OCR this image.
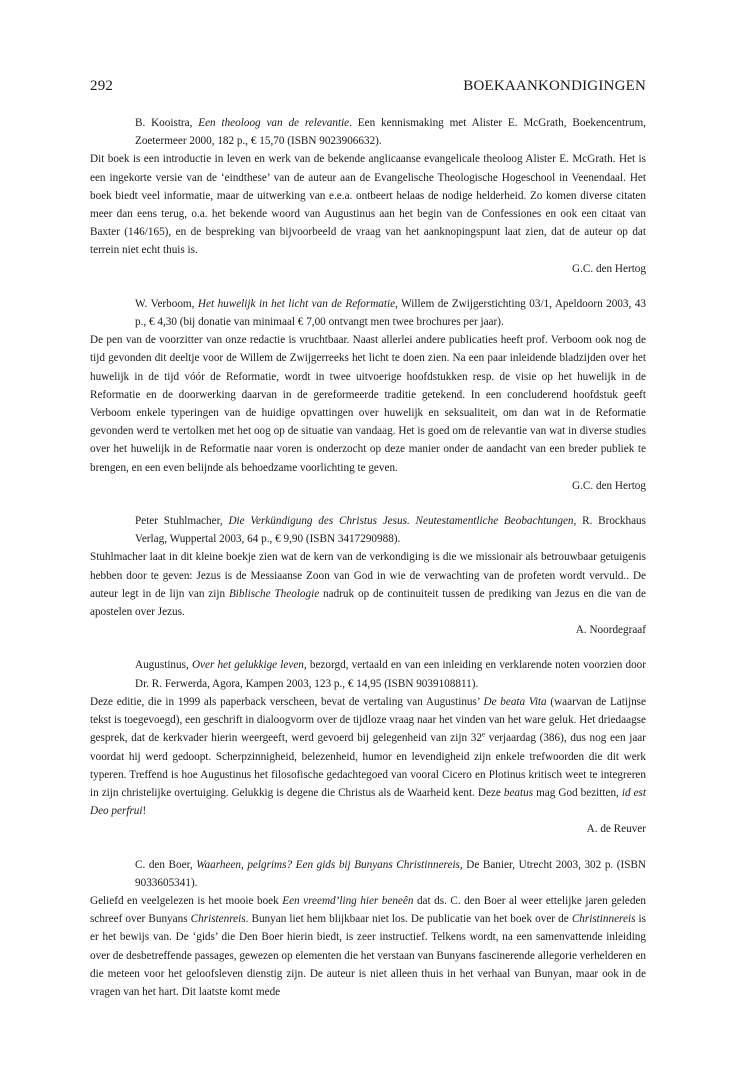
292	BOEKAANKONDIGINGEN
B. Kooistra, Een theoloog van de relevantie. Een kennismaking met Alister E. McGrath, Boekencentrum, Zoetermeer 2000, 182 p., € 15,70 (ISBN 9023906632).
Dit boek is een introductie in leven en werk van de bekende anglicaanse evangelicale theoloog Alister E. McGrath. Het is een ingekorte versie van de ‘eindthese’ van de auteur aan de Evangelische Theologische Hogeschool in Veenendaal. Het boek biedt veel informatie, maar de uitwerking van e.e.a. ontbeert helaas de nodige helderheid. Zo komen diverse citaten meer dan eens terug, o.a. het bekende woord van Augustinus aan het begin van de Confessiones en ook een citaat van Baxter (146/165), en de bespreking van bijvoorbeeld de vraag van het aanknopingspunt laat zien, dat de auteur op dat terrein niet echt thuis is.
G.C. den Hertog
W. Verboom, Het huwelijk in het licht van de Reformatie, Willem de Zwijgerstichting 03/1, Apeldoorn 2003, 43 p., € 4,30 (bij donatie van minimaal € 7,00 ontvangt men twee brochures per jaar).
De pen van de voorzitter van onze redactie is vruchtbaar. Naast allerlei andere publicaties heeft prof. Verboom ook nog de tijd gevonden dit deeltje voor de Willem de Zwijgerreeks het licht te doen zien. Na een paar inleidende bladzijden over het huwelijk in de tijd vóór de Reformatie, wordt in twee uitvoerige hoofdstukken resp. de visie op het huwelijk in de Reformatie en de doorwerking daarvan in de gereformeerde traditie getekend. In een concluderend hoofdstuk geeft Verboom enkele typeringen van de huidige opvattingen over huwelijk en seksualiteit, om dan wat in de Reformatie gevonden werd te vertolken met het oog op de situatie van vandaag. Het is goed om de relevantie van wat in diverse studies over het huwelijk in de Reformatie naar voren is onderzocht op deze manier onder de aandacht van een breder publiek te brengen, en een even belijnde als behoedzame voorlichting te geven.
G.C. den Hertog
Peter Stuhlmacher, Die Verkündigung des Christus Jesus. Neutestamentliche Beobachtungen, R. Brockhaus Verlag, Wuppertal 2003, 64 p., € 9,90 (ISBN 3417290988).
Stuhlmacher laat in dit kleine boekje zien wat de kern van de verkondiging is die we missionair als betrouwbaar getuigenis hebben door te geven: Jezus is de Messiaanse Zoon van God in wie de verwachting van de profeten wordt vervuld.. De auteur legt in de lijn van zijn Biblische Theologie nadruk op de continuiteit tussen de prediking van Jezus en die van de apostelen over Jezus.
A. Noordegraaf
Augustinus, Over het gelukkige leven, bezorgd, vertaald en van een inleiding en verklarende noten voorzien door Dr. R. Ferwerda, Agora, Kampen 2003, 123 p., € 14,95 (ISBN 9039108811).
Deze editie, die in 1999 als paperback verscheen, bevat de vertaling van Augustinus’ De beata Vita (waarvan de Latijnse tekst is toegevoegd), een geschrift in dialoogvorm over de tijdloze vraag naar het vinden van het ware geluk. Het driedaagse gesprek, dat de kerkvader hierin weergeeft, werd gevoerd bij gelegenheid van zijn 32e verjaardag (386), dus nog een jaar voordat hij werd gedoopt. Scherpzinnigheid, belezenheid, humor en levendigheid zijn enkele trefwoorden die dit werk typeren. Treffend is hoe Augustinus het filosofische gedachtegoed van vooral Cicero en Plotinus kritisch weet te integreren in zijn christelijke overtuiging. Gelukkig is degene die Christus als de Waarheid kent. Deze beatus mag God bezitten, id est Deo perfrui!
A. de Reuver
C. den Boer, Waarheen, pelgrims? Een gids bij Bunyans Christinnereis, De Banier, Utrecht 2003, 302 p. (ISBN 9033605341).
Geliefd en veelgelezen is het mooie boek Een vreemd’ling hier beneên dat ds. C. den Boer al weer ettelijke jaren geleden schreef over Bunyans Christenreis. Bunyan liet hem blijkbaar niet los. De publicatie van het boek over de Christinnereis is er het bewijs van. De ‘gids’ die Den Boer hierin biedt, is zeer instructief. Telkens wordt, na een samenvattende inleiding over de desbetreffende passages, gewezen op elementen die het verstaan van Bunyans fascinerende allegorie verhelderen en die meteen voor het geloofsleven dienstig zijn. De auteur is niet alleen thuis in het verhaal van Bunyan, maar ook in de vragen van het hart. Dit laatste komt mede
